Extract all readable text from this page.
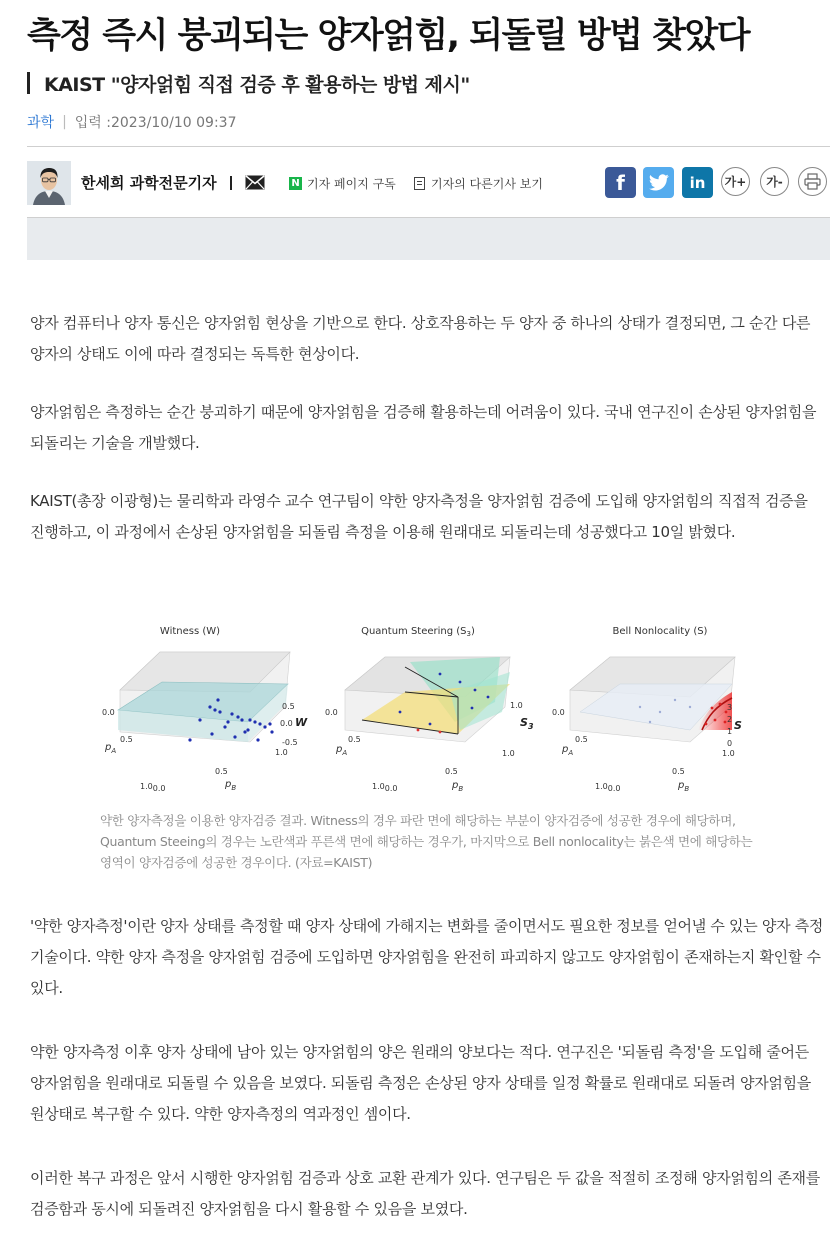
측정 즉시 붕괴되는 양자얽힘, 되돌릴 방법 찾았다
KAIST "양자얽힘 직접 검증 후 활용하는 방법 제시"
과학 | 입력 :2023/10/10 09:37
한세희 과학전문기자	N 기자 페이지 구독	기자의 다른기사 보기	f	in	가+	가-

양자 컴퓨터나 양자 통신은 양자얽힘 현상을 기반으로 한다. 상호작용하는 두 양자 중 하나의 상태가 결정되면, 그 순간 다른 양자의 상태도 이에 따라 결정되는 독특한 현상이다.

양자얽힘은 측정하는 순간 붕괴하기 때문에 양자얽힘을 검증해 활용하는데 어려움이 있다. 국내 연구진이 손상된 양자얽힘을 되돌리는 기술을 개발했다.

KAIST(총장 이광형)는 물리학과 라영수 교수 연구팀이 약한 양자측정을 양자얽힘 검증에 도입해 양자얽힘의 직접적 검증을 진행하고, 이 과정에서 손상된 양자얽힘을 되돌림 측정을 이용해 원래대로 되돌리는데 성공했다고 10일 밝혔다.

Witness (W)
0.0
0.5
$p_A$
1.00.0
0.5
1.0
$p_B$
0.5
0.0
-0.5
W
Quantum Steering $(S_3)$
0.0
0.5
$p_A$
1.00.0
0.5
1.0
$p_B$
1.0
$S_3$
Bell Nonlocality (S)
0.0
0.5
$p_A$
1.00.0
0.5
1.0
$p_B$
3
2
1
0
S

약한 양자측정을 이용한 양자검증 결과. Witness의 경우 파란 면에 해당하는 부분이 양자검증에 성공한 경우에 해당하며, Quantum Steeing의 경우는 노란색과 푸른색 면에 해당하는 경우가, 마지막으로 Bell nonlocality는 붉은색 면에 해당하는 영역이 양자검증에 성공한 경우이다. (자료=KAIST)

'약한 양자측정'이란 양자 상태를 측정할 때 양자 상태에 가해지는 변화를 줄이면서도 필요한 정보를 얻어낼 수 있는 양자 측정 기술이다. 약한 양자 측정을 양자얽힘 검증에 도입하면 양자얽힘을 완전히 파괴하지 않고도 양자얽힘이 존재하는지 확인할 수 있다.

약한 양자측정 이후 양자 상태에 남아 있는 양자얽힘의 양은 원래의 양보다는 적다. 연구진은 '되돌림 측정'을 도입해 줄어든 양자얽힘을 원래대로 되돌릴 수 있음을 보였다. 되돌림 측정은 손상된 양자 상태를 일정 확률로 원래대로 되돌려 양자얽힘을 원상태로 복구할 수 있다. 약한 양자측정의 역과정인 셈이다.

이러한 복구 과정은 앞서 시행한 양자얽힘 검증과 상호 교환 관계가 있다. 연구팀은 두 값을 적절히 조정해 양자얽힘의 존재를 검증함과 동시에 되돌려진 양자얽힘을 다시 활용할 수 있음을 보였다.
